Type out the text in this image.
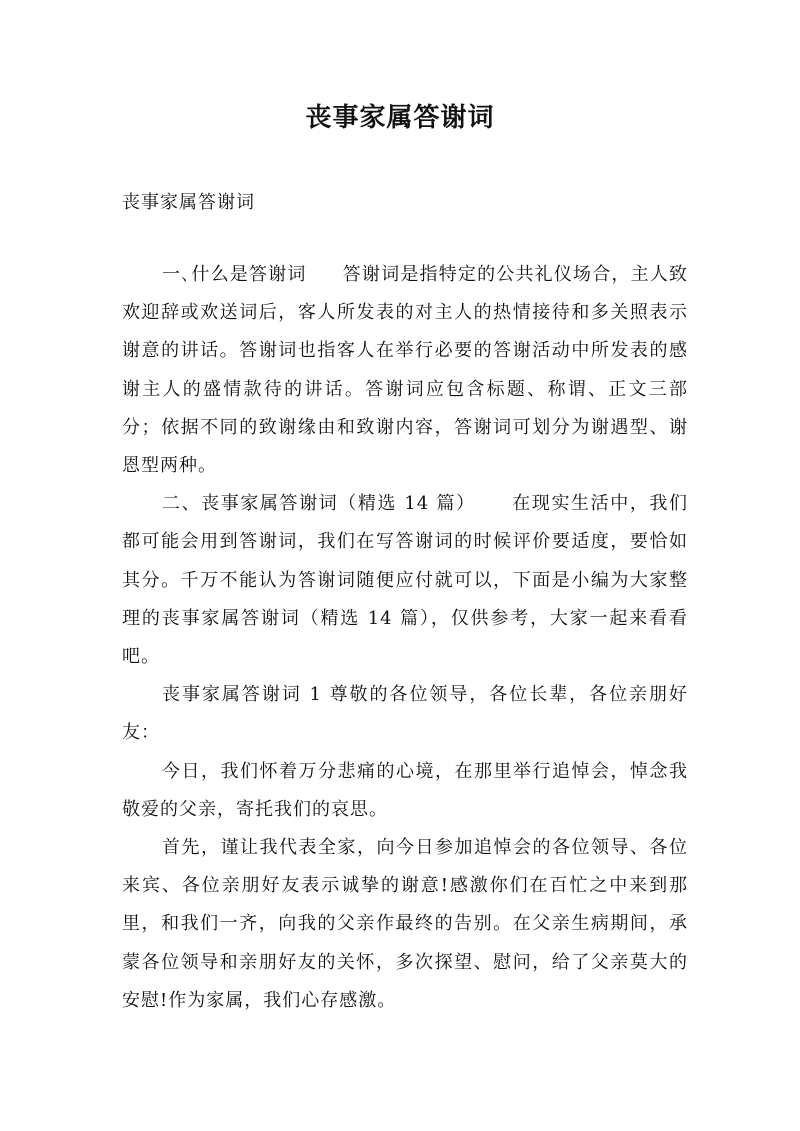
丧事家属答谢词

丧事家属答谢词

一､什么是答谢词 答谢词是指特定的公共礼仪场合，主人致欢迎辞或欢送词后，客人所发表的对主人的热情接待和多关照表示谢意的讲话。答谢词也指客人在举行必要的答谢活动中所发表的感谢主人的盛情款待的讲话。答谢词应包含标题、称谓、正文三部分；依据不同的致谢缘由和致谢内容，答谢词可划分为谢遇型、谢恩型两种。

二、丧事家属答谢词（精选 14 篇） 在现实生活中，我们都可能会用到答谢词，我们在写答谢词的时候评价要适度，要恰如其分。千万不能认为答谢词随便应付就可以，下面是小编为大家整理的丧事家属答谢词（精选 14 篇），仅供参考，大家一起来看看吧。

丧事家属答谢词 1 尊敬的各位领导，各位长辈，各位亲朋好友：

今日，我们怀着万分悲痛的心境，在那里举行追悼会，悼念我敬爱的父亲，寄托我们的哀思。

首先，谨让我代表全家，向今日参加追悼会的各位领导、各位来宾、各位亲朋好友表示诚挚的谢意!感激你们在百忙之中来到那里，和我们一齐，向我的父亲作最终的告别。在父亲生病期间，承蒙各位领导和亲朋好友的关怀，多次探望、慰问，给了父亲莫大的安慰!作为家属，我们心存感激。
